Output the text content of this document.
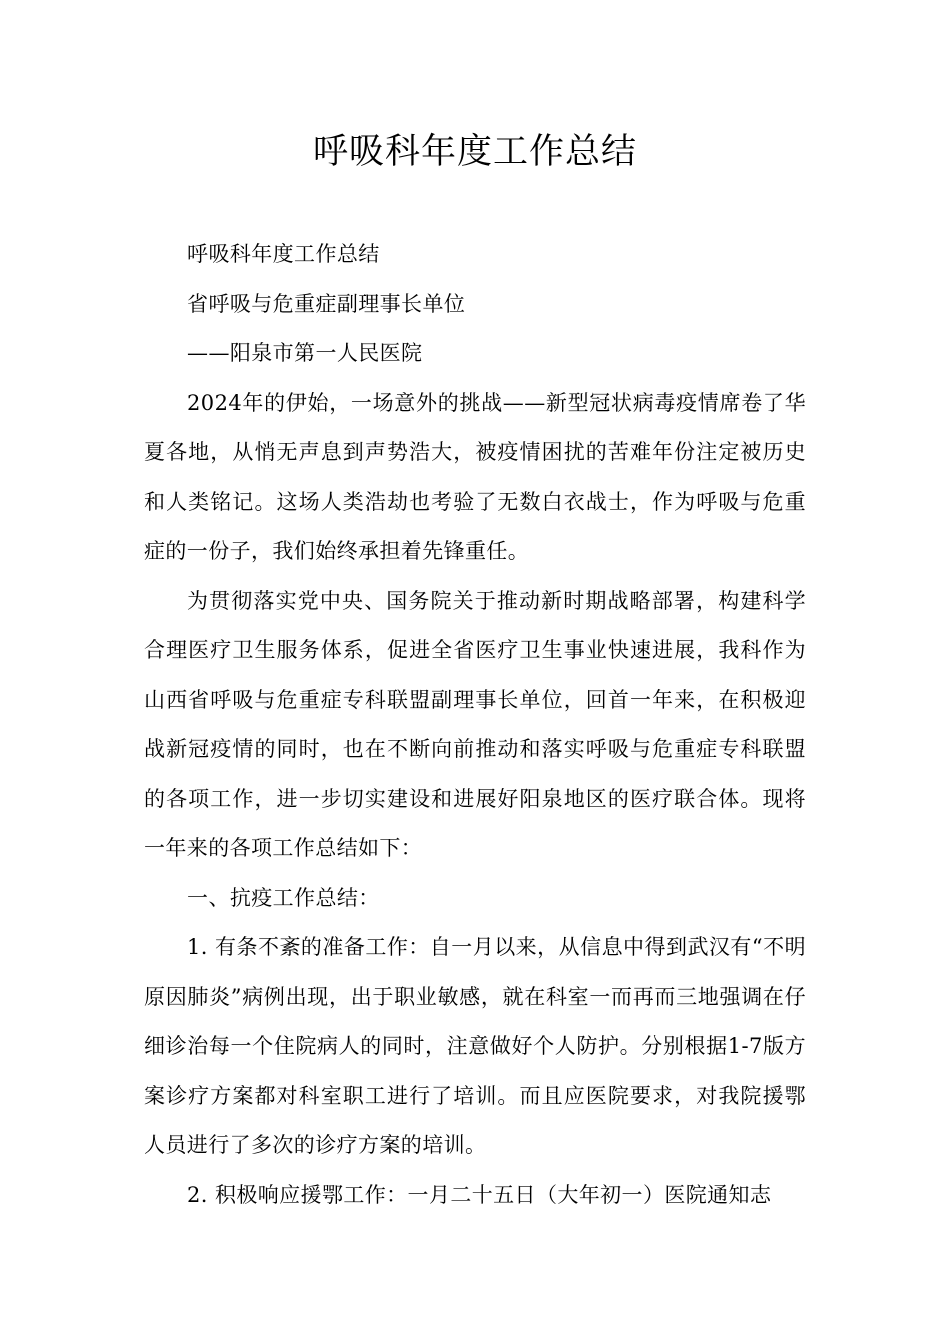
呼吸科年度工作总结

呼吸科年度工作总结

省呼吸与危重症副理事长单位

——阳泉市第一人民医院

2024年的伊始，一场意外的挑战——新型冠状病毒疫情席卷了华夏各地，从悄无声息到声势浩大，被疫情困扰的苦难年份注定被历史和人类铭记。这场人类浩劫也考验了无数白衣战士，作为呼吸与危重症的一份子，我们始终承担着先锋重任。

为贯彻落实党中央、国务院关于推动新时期战略部署，构建科学合理医疗卫生服务体系，促进全省医疗卫生事业快速进展，我科作为山西省呼吸与危重症专科联盟副理事长单位，回首一年来，在积极迎战新冠疫情的同时，也在不断向前推动和落实呼吸与危重症专科联盟的各项工作，进一步切实建设和进展好阳泉地区的医疗联合体。现将一年来的各项工作总结如下：

一、抗疫工作总结：

1. 有条不紊的准备工作：自一月以来，从信息中得到武汉有“不明原因肺炎”病例出现，出于职业敏感，就在科室一而再而三地强调在仔细诊治每一个住院病人的同时，注意做好个人防护。分别根据1-7版方案诊疗方案都对科室职工进行了培训。而且应医院要求，对我院援鄂人员进行了多次的诊疗方案的培训。

2. 积极响应援鄂工作：一月二十五日（大年初一）医院通知志
